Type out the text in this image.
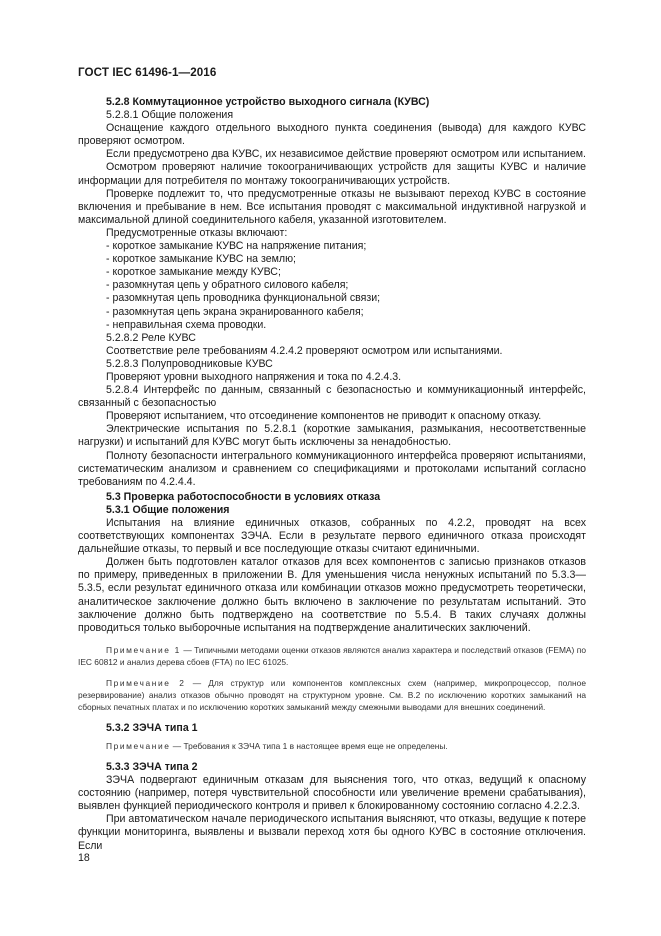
ГОСТ IEC 61496-1—2016

5.2.8 Коммутационное устройство выходного сигнала (КУВС)

5.2.8.1 Общие положения

Оснащение каждого отдельного выходного пункта соединения (вывода) для каждого КУВС проверяют осмотром.

Если предусмотрено два КУВС, их независимое действие проверяют осмотром или испытанием.

Осмотром проверяют наличие токоограничивающих устройств для защиты КУВС и наличие информации для потребителя по монтажу токоограничивающих устройств.

Проверке подлежит то, что предусмотренные отказы не вызывают переход КУВС в состояние включения и пребывание в нем. Все испытания проводят с максимальной индуктивной нагрузкой и максимальной длиной соединительного кабеля, указанной изготовителем.

Предусмотренные отказы включают:

- короткое замыкание КУВС на напряжение питания;

- короткое замыкание КУВС на землю;

- короткое замыкание между КУВС;

- разомкнутая цепь у обратного силового кабеля;

- разомкнутая цепь проводника функциональной связи;

- разомкнутая цепь экрана экранированного кабеля;

- неправильная схема проводки.

5.2.8.2 Реле КУВС

Соответствие реле требованиям 4.2.4.2 проверяют осмотром или испытаниями.

5.2.8.3 Полупроводниковые КУВС

Проверяют уровни выходного напряжения и тока по 4.2.4.3.

5.2.8.4 Интерфейс по данным, связанный с безопасностью и коммуникационный интерфейс, связанный с безопасностью

Проверяют испытанием, что отсоединение компонентов не приводит к опасному отказу.

Электрические испытания по 5.2.8.1 (короткие замыкания, размыкания, несоответственные нагрузки) и испытаний для КУВС могут быть исключены за ненадобностью.

Полноту безопасности интегрального коммуникационного интерфейса проверяют испытаниями, систематическим анализом и сравнением со спецификациями и протоколами испытаний согласно требованиям по 4.2.4.4.

5.3 Проверка работоспособности в условиях отказа

5.3.1 Общие положения

Испытания на влияние единичных отказов, собранных по 4.2.2, проводят на всех соответствующих компонентах ЗЭЧА. Если в результате первого единичного отказа происходят дальнейшие отказы, то первый и все последующие отказы считают единичными.

Должен быть подготовлен каталог отказов для всех компонентов с записью признаков отказов по примеру, приведенных в приложении В. Для уменьшения числа ненужных испытаний по 5.3.3—5.3.5, если результат единичного отказа или комбинации отказов можно предусмотреть теоретически, аналитическое заключение должно быть включено в заключение по результатам испытаний. Это заключение должно быть подтверждено на соответствие по 5.5.4. В таких случаях должны проводиться только выборочные испытания на подтверждение аналитических заключений.

Примечание 1 — Типичными методами оценки отказов являются анализ характера и последствий отказов (FEMA) по IEC 60812 и анализ дерева сбоев (FTA) по IEC 61025.

Примечание 2 — Для структур или компонентов комплексных схем (например, микропроцессор, полное резервирование) анализ отказов обычно проводят на структурном уровне. См. В.2 по исключению коротких замыканий на сборных печатных платах и по исключению коротких замыканий между смежными выводами для внешних соединений.

5.3.2 ЗЭЧА типа 1

Примечание — Требования к ЗЭЧА типа 1 в настоящее время еще не определены.

5.3.3 ЗЭЧА типа 2

ЗЭЧА подвергают единичным отказам для выяснения того, что отказ, ведущий к опасному состоянию (например, потеря чувствительной способности или увеличение времени срабатывания), выявлен функцией периодического контроля и привел к блокированному состоянию согласно 4.2.2.3.

При автоматическом начале периодического испытания выясняют, что отказы, ведущие к потере функции мониторинга, выявлены и вызвали переход хотя бы одного КУВС в состояние отключения. Если

18
